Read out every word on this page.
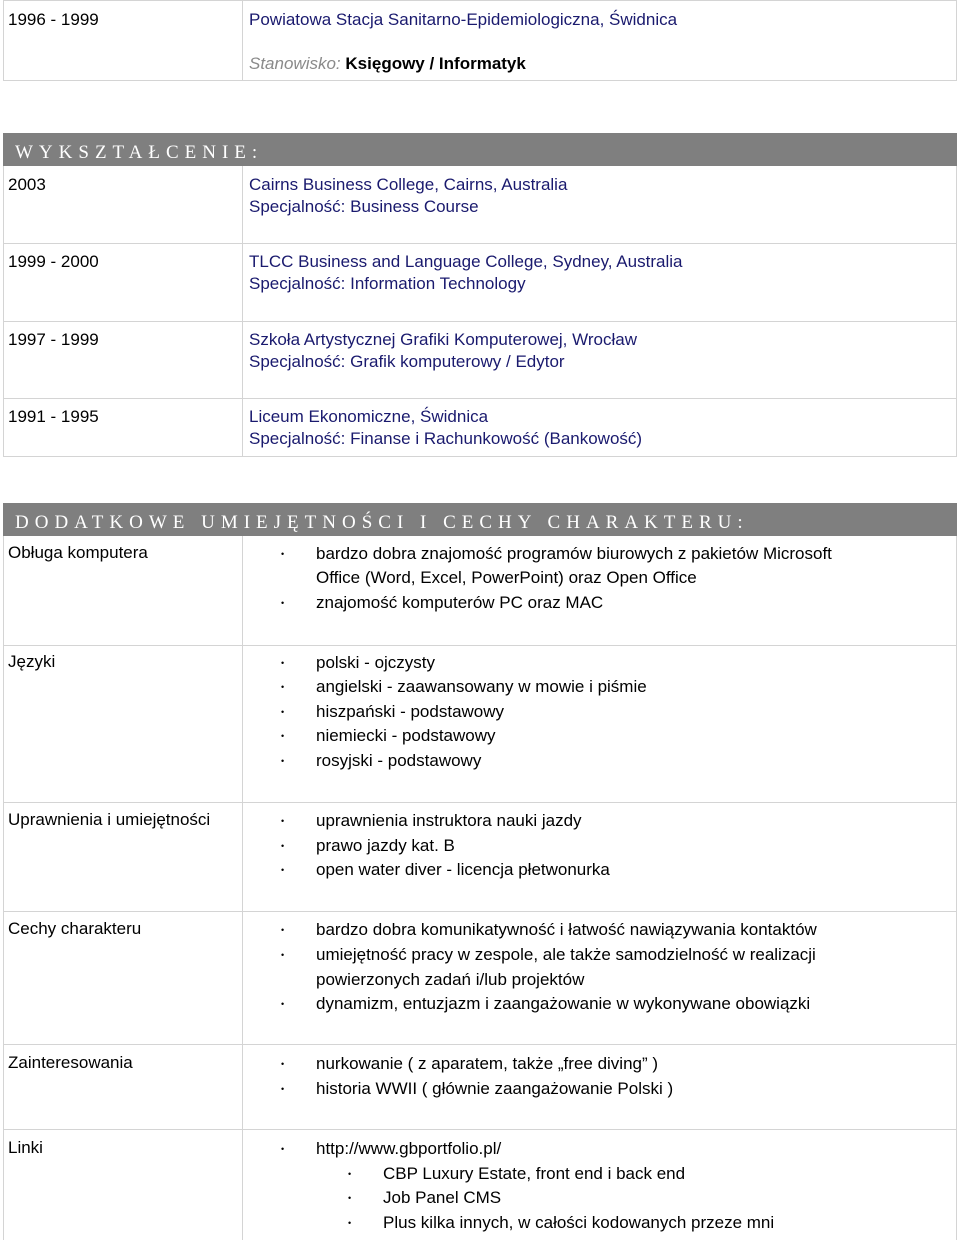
1996 - 1999	Powiatowa Stacja Sanitarno-Epidemiologiczna, Świdnica
Stanowisko: Księgowy / Informatyk
WYKSZTAŁCENIE:
2003	Cairns Business College, Cairns, Australia
Specjalność: Business Course
1999 - 2000	TLCC Business and Language College, Sydney, Australia
Specjalność: Information Technology
1997 - 1999	Szkoła Artystycznej Grafiki Komputerowej, Wrocław
Specjalność: Grafik komputerowy / Edytor
1991 - 1995	Liceum Ekonomiczne, Świdnica
Specjalność: Finanse i Rachunkowość (Bankowość)
DODATKOWE UMIEJĘTNOŚCI I CECHY CHARAKTERU:
Obługa komputera	• bardzo dobra znajomość programów biurowych z pakietów Microsoft
Office (Word, Excel, PowerPoint) oraz Open Office
• znajomość komputerów PC oraz MAC
Języki	• polski - ojczysty
• angielski - zaawansowany w mowie i piśmie
• hiszpański - podstawowy
• niemiecki - podstawowy
• rosyjski - podstawowy
Uprawnienia i umiejętności	• uprawnienia instruktora nauki jazdy
• prawo jazdy kat. B
• open water diver - licencja płetwonurka
Cechy charakteru	• bardzo dobra komunikatywność i łatwość nawiązywania kontaktów
• umiejętność pracy w zespole, ale także samodzielność w realizacji
powierzonych zadań i/lub projektów
• dynamizm, entuzjazm i zaangażowanie w wykonywane obowiązki
Zainteresowania	• nurkowanie ( z aparatem, także „free diving” )
• historia WWII ( głównie zaangażowanie Polski )
Linki	• http://www.gbportfolio.pl/
• CBP Luxury Estate, front end i back end
• Job Panel CMS
• Plus kilka innych, w całości kodowanych przeze mni
